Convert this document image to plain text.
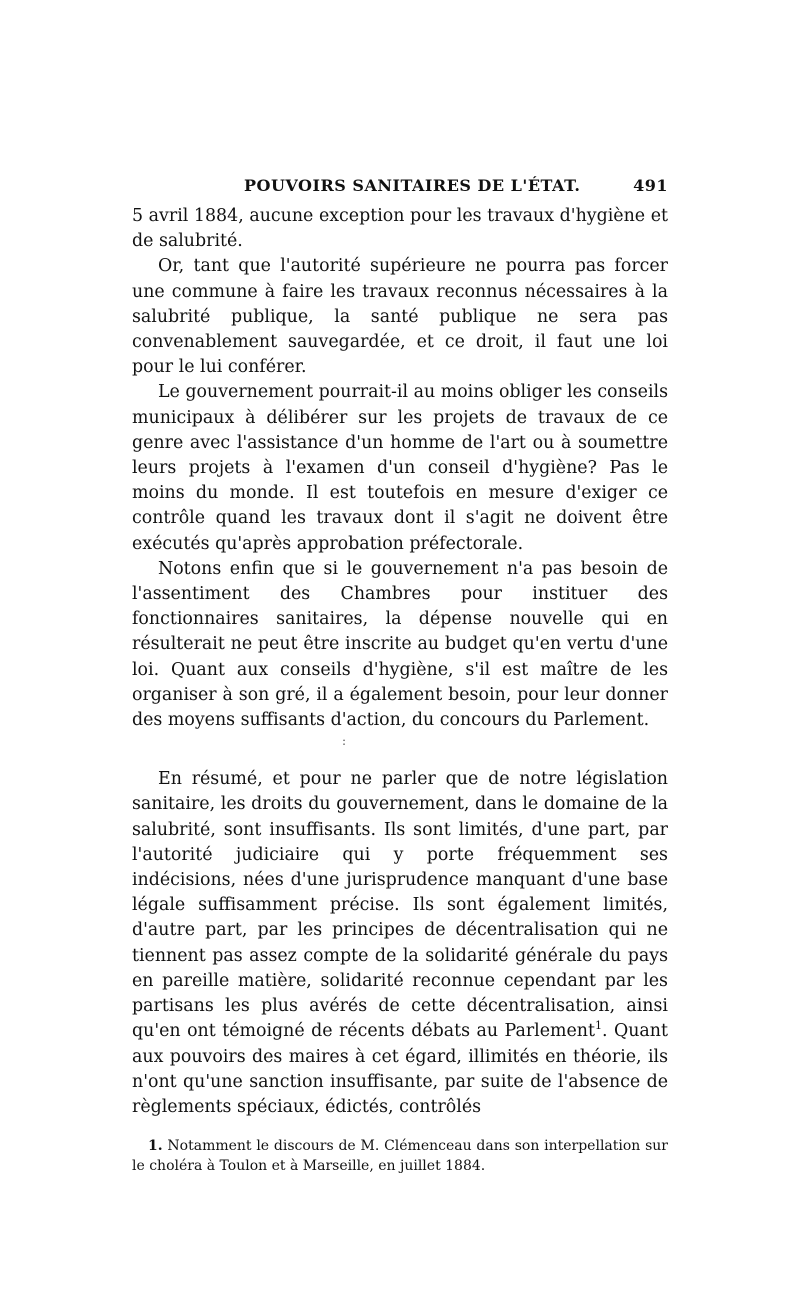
POUVOIRS SANITAIRES DE L'ÉTAT.	491

5 avril 1884, aucune exception pour les travaux d'hygiène et de salubrité.

Or, tant que l'autorité supérieure ne pourra pas forcer une commune à faire les travaux reconnus nécessaires à la salubrité publique, la santé publique ne sera pas convenablement sauvegardée, et ce droit, il faut une loi pour le lui conférer.

Le gouvernement pourrait-il au moins obliger les conseils municipaux à délibérer sur les projets de travaux de ce genre avec l'assistance d'un homme de l'art ou à soumettre leurs projets à l'examen d'un conseil d'hygiène? Pas le moins du monde. Il est toutefois en mesure d'exiger ce contrôle quand les travaux dont il s'agit ne doivent être exécutés qu'après approbation préfectorale.

Notons enfin que si le gouvernement n'a pas besoin de l'assentiment des Chambres pour instituer des fonctionnaires sanitaires, la dépense nouvelle qui en résulterait ne peut être inscrite au budget qu'en vertu d'une loi. Quant aux conseils d'hygiène, s'il est maître de les organiser à son gré, il a également besoin, pour leur donner des moyens suffisants d'action, du concours du Parlement.

:

En résumé, et pour ne parler que de notre législation sanitaire, les droits du gouvernement, dans le domaine de la salubrité, sont insuffisants. Ils sont limités, d'une part, par l'autorité judiciaire qui y porte fréquemment ses indécisions, nées d'une jurisprudence manquant d'une base légale suffisamment précise. Ils sont également limités, d'autre part, par les principes de décentralisation qui ne tiennent pas assez compte de la solidarité générale du pays en pareille matière, solidarité reconnue cependant par les partisans les plus avérés de cette décentralisation, ainsi qu'en ont témoigné de récents débats au Parlement$^1$. Quant aux pouvoirs des maires à cet égard, illimités en théorie, ils n'ont qu'une sanction insuffisante, par suite de l'absence de règlements spéciaux, édictés, contrôlés

1. Notamment le discours de M. Clémenceau dans son interpellation sur le choléra à Toulon et à Marseille, en juillet 1884.
